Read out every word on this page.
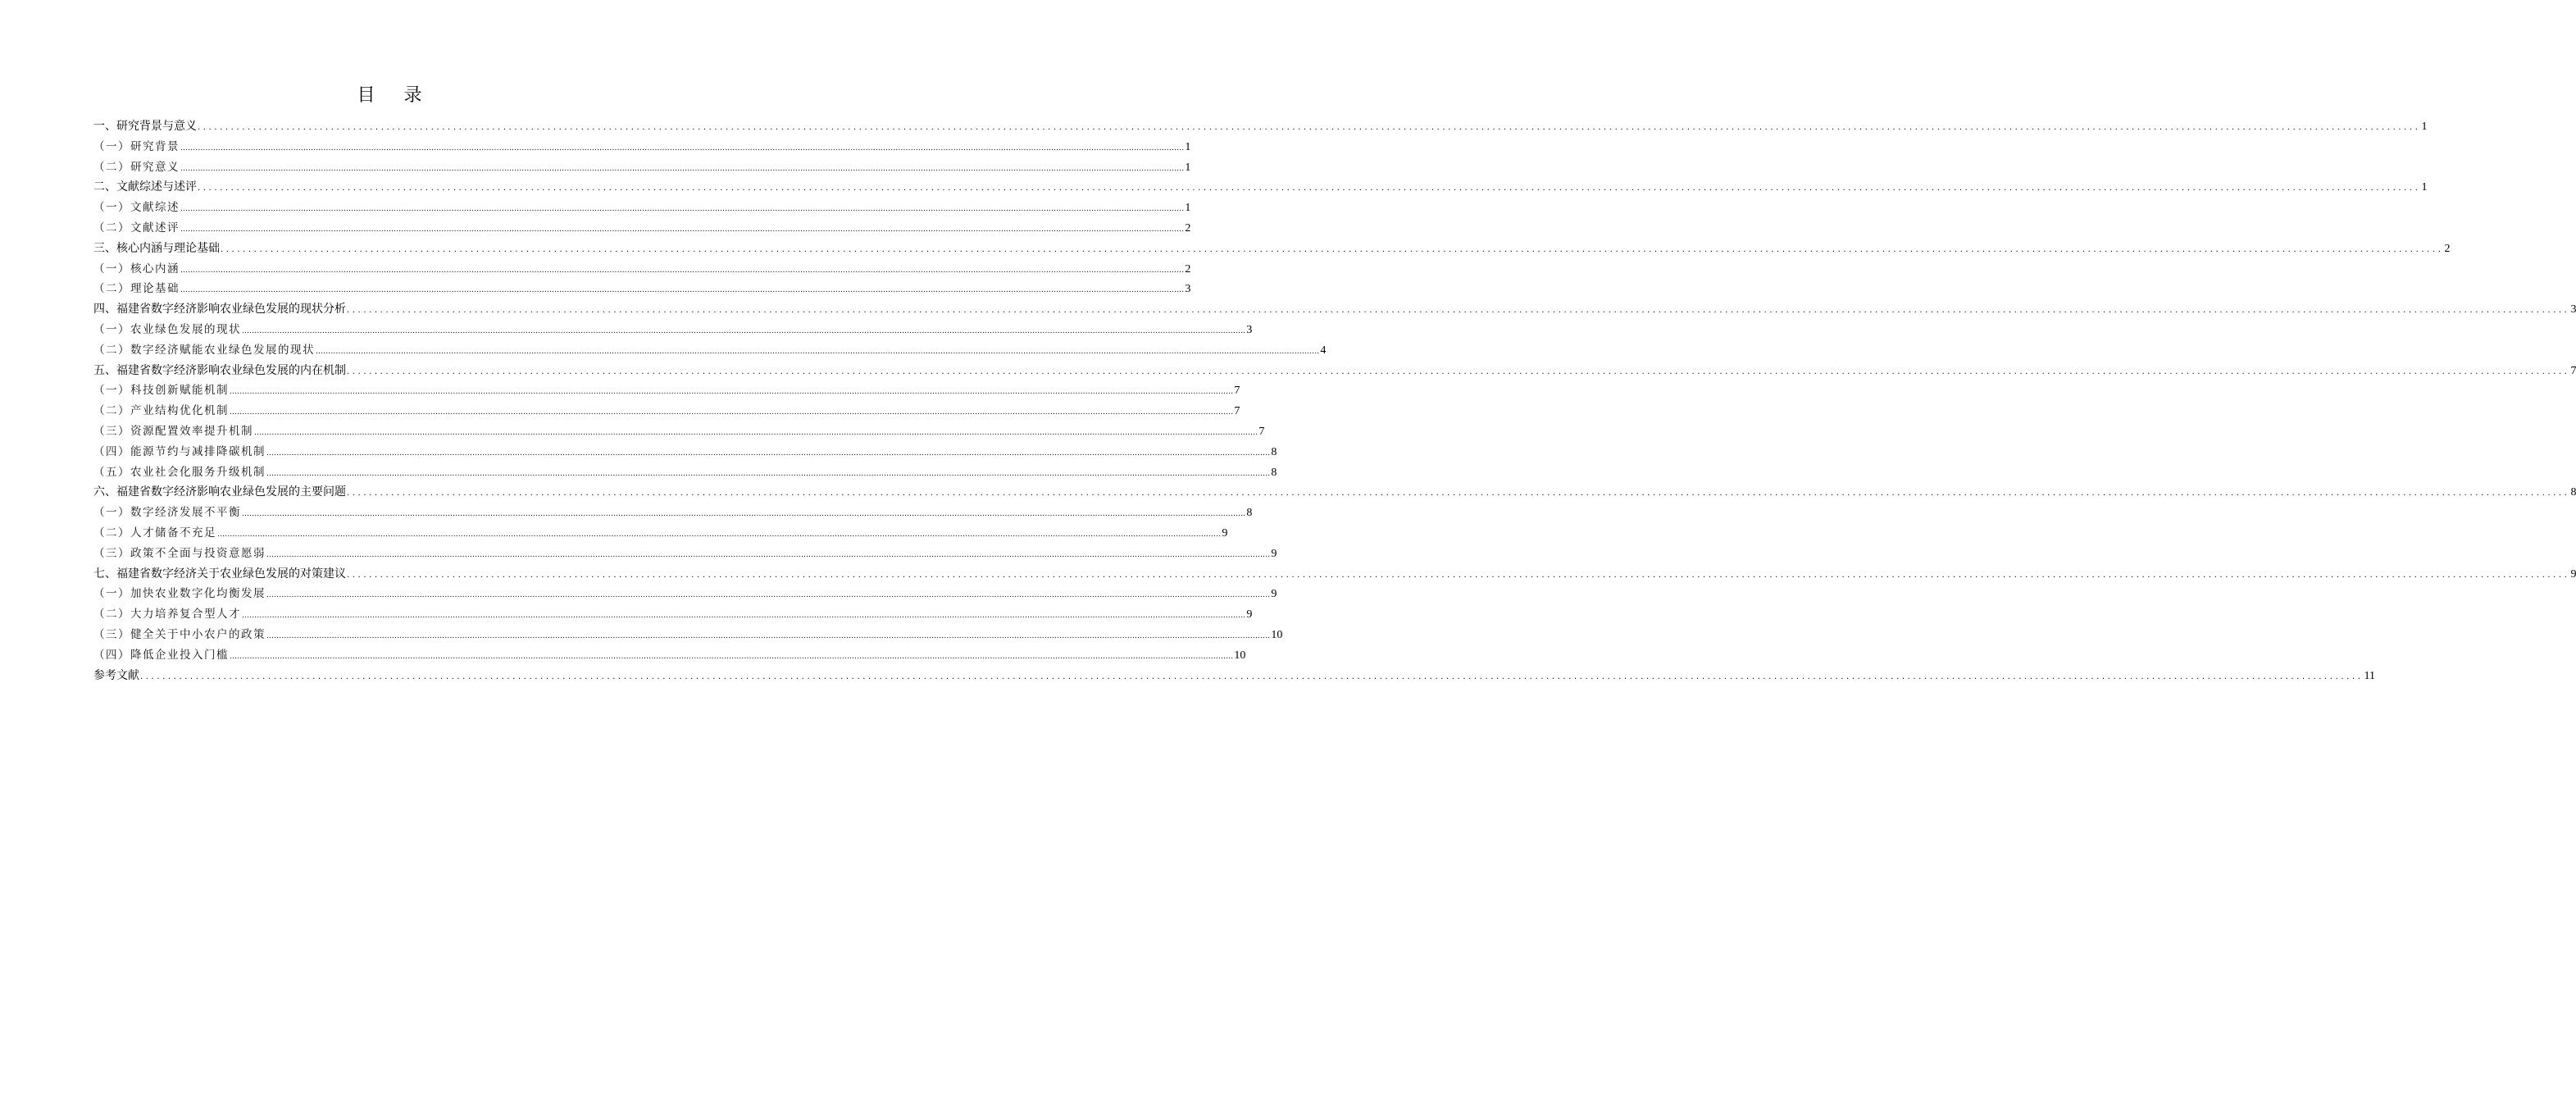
目 录
一、研究背景与意义 ................................................................................................................................................................................................................................................................................................................................................................................................................ 1
（一）研究背景 ................................................................................................................................................................................................................................................................................................................................................................................................................ 1
（二）研究意义 ................................................................................................................................................................................................................................................................................................................................................................................................................ 1
二、文献综述与述评 ................................................................................................................................................................................................................................................................................................................................................................................................................ 1
（一）文献综述 ................................................................................................................................................................................................................................................................................................................................................................................................................ 1
（二）文献述评 ................................................................................................................................................................................................................................................................................................................................................................................................................ 2
三、核心内涵与理论基础 ................................................................................................................................................................................................................................................................................................................................................................................................................ 2
（一）核心内涵 ................................................................................................................................................................................................................................................................................................................................................................................................................ 2
（二）理论基础 ................................................................................................................................................................................................................................................................................................................................................................................................................ 3
四、福建省数字经济影响农业绿色发展的现状分析 ................................................................................................................................................................................................................................................................................................................................................................................................................ 3
（一）农业绿色发展的现状 ................................................................................................................................................................................................................................................................................................................................................................................................................ 3
（二）数字经济赋能农业绿色发展的现状 ................................................................................................................................................................................................................................................................................................................................................................................................................ 4
五、福建省数字经济影响农业绿色发展的内在机制 ................................................................................................................................................................................................................................................................................................................................................................................................................ 7
（一）科技创新赋能机制 ................................................................................................................................................................................................................................................................................................................................................................................................................ 7
（二）产业结构优化机制 ................................................................................................................................................................................................................................................................................................................................................................................................................ 7
（三）资源配置效率提升机制 ................................................................................................................................................................................................................................................................................................................................................................................................................ 7
（四）能源节约与减排降碳机制 ................................................................................................................................................................................................................................................................................................................................................................................................................ 8
（五）农业社会化服务升级机制 ................................................................................................................................................................................................................................................................................................................................................................................................................ 8
六、福建省数字经济影响农业绿色发展的主要问题 ................................................................................................................................................................................................................................................................................................................................................................................................................ 8
（一）数字经济发展不平衡 ................................................................................................................................................................................................................................................................................................................................................................................................................ 8
（二）人才储备不充足 ................................................................................................................................................................................................................................................................................................................................................................................................................ 9
（三）政策不全面与投资意愿弱 ................................................................................................................................................................................................................................................................................................................................................................................................................ 9
七、福建省数字经济关于农业绿色发展的对策建议 ................................................................................................................................................................................................................................................................................................................................................................................................................ 9
（一）加快农业数字化均衡发展 ................................................................................................................................................................................................................................................................................................................................................................................................................ 9
（二）大力培养复合型人才 ................................................................................................................................................................................................................................................................................................................................................................................................................ 9
（三）健全关于中小农户的政策 ................................................................................................................................................................................................................................................................................................................................................................................................................ 10
（四）降低企业投入门槛 ................................................................................................................................................................................................................................................................................................................................................................................................................ 10
参考文献 ................................................................................................................................................................................................................................................................................................................................................................................................................ 11
